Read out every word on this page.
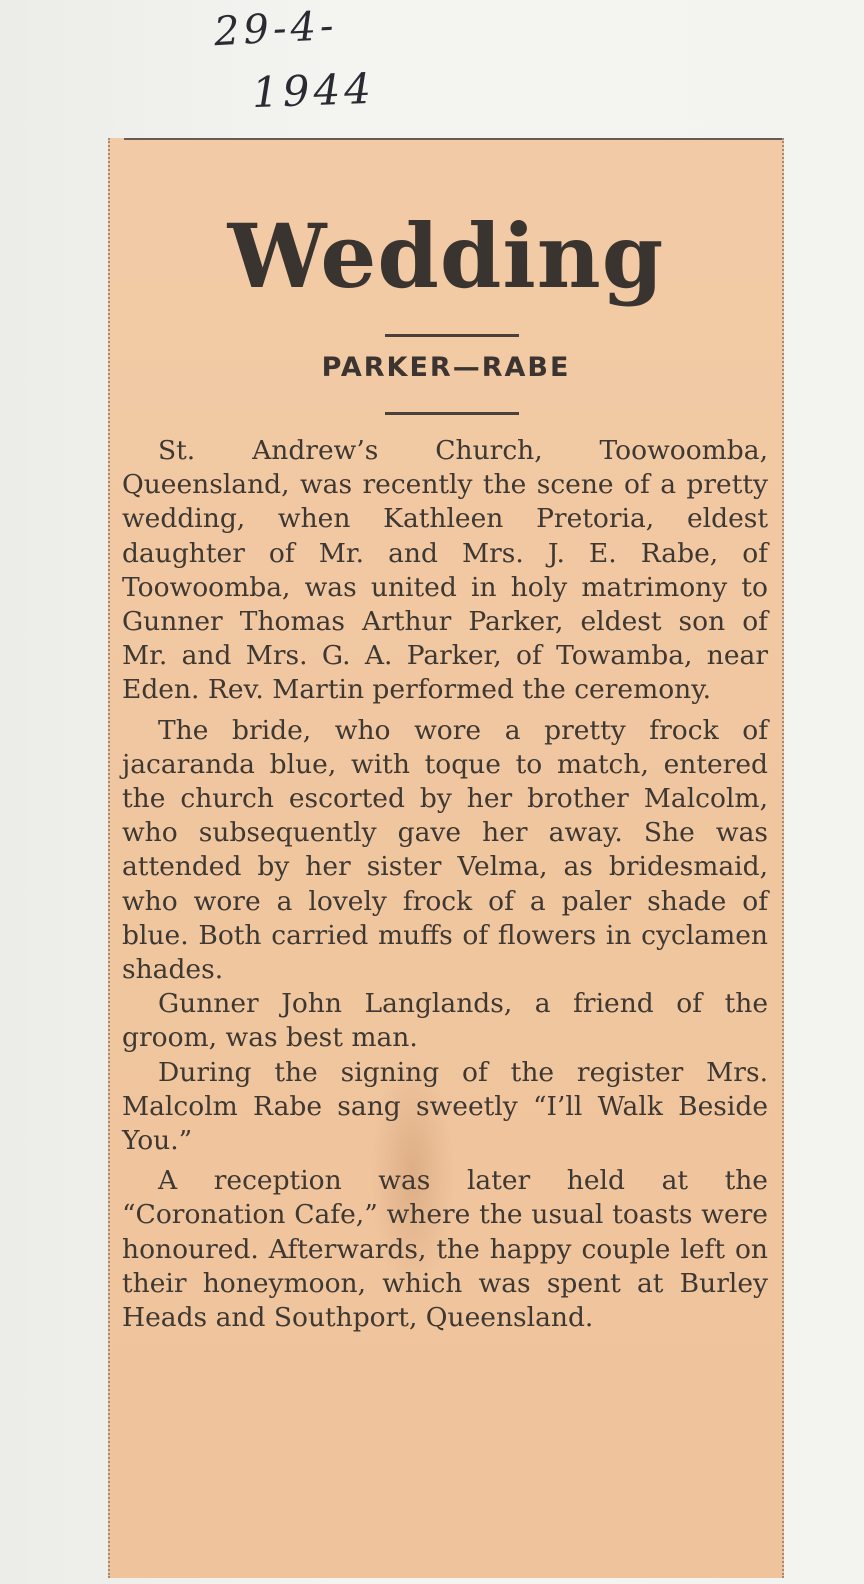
29-4-
1944
Wedding
PARKER—RABE

St. Andrew’s Church, Toowoomba, Queensland, was recently the scene of a pretty wedding, when Kathleen Pretoria, eldest daughter of Mr. and Mrs. J. E. Rabe, of Toowoomba, was united in holy matrimony to Gunner Thomas Arthur Parker, eldest son of Mr. and Mrs. G. A. Parker, of Towamba, near Eden. Rev. Martin performed the ceremony.

The bride, who wore a pretty frock of jacaranda blue, with toque to match, entered the church escorted by her brother Malcolm, who subsequently gave her away. She was attended by her sister Velma, as bridesmaid, who wore a lovely frock of a paler shade of blue. Both carried muffs of flowers in cyclamen shades.

Gunner John Langlands, a friend of the groom, was best man.

During the signing of the register Mrs. Malcolm Rabe sang sweetly “I’ll Walk Beside You.”

A reception was later held at the “Coronation Cafe,” where the usual toasts were honoured. Afterwards, the happy couple left on their honeymoon, which was spent at Burley Heads and Southport, Queensland.
